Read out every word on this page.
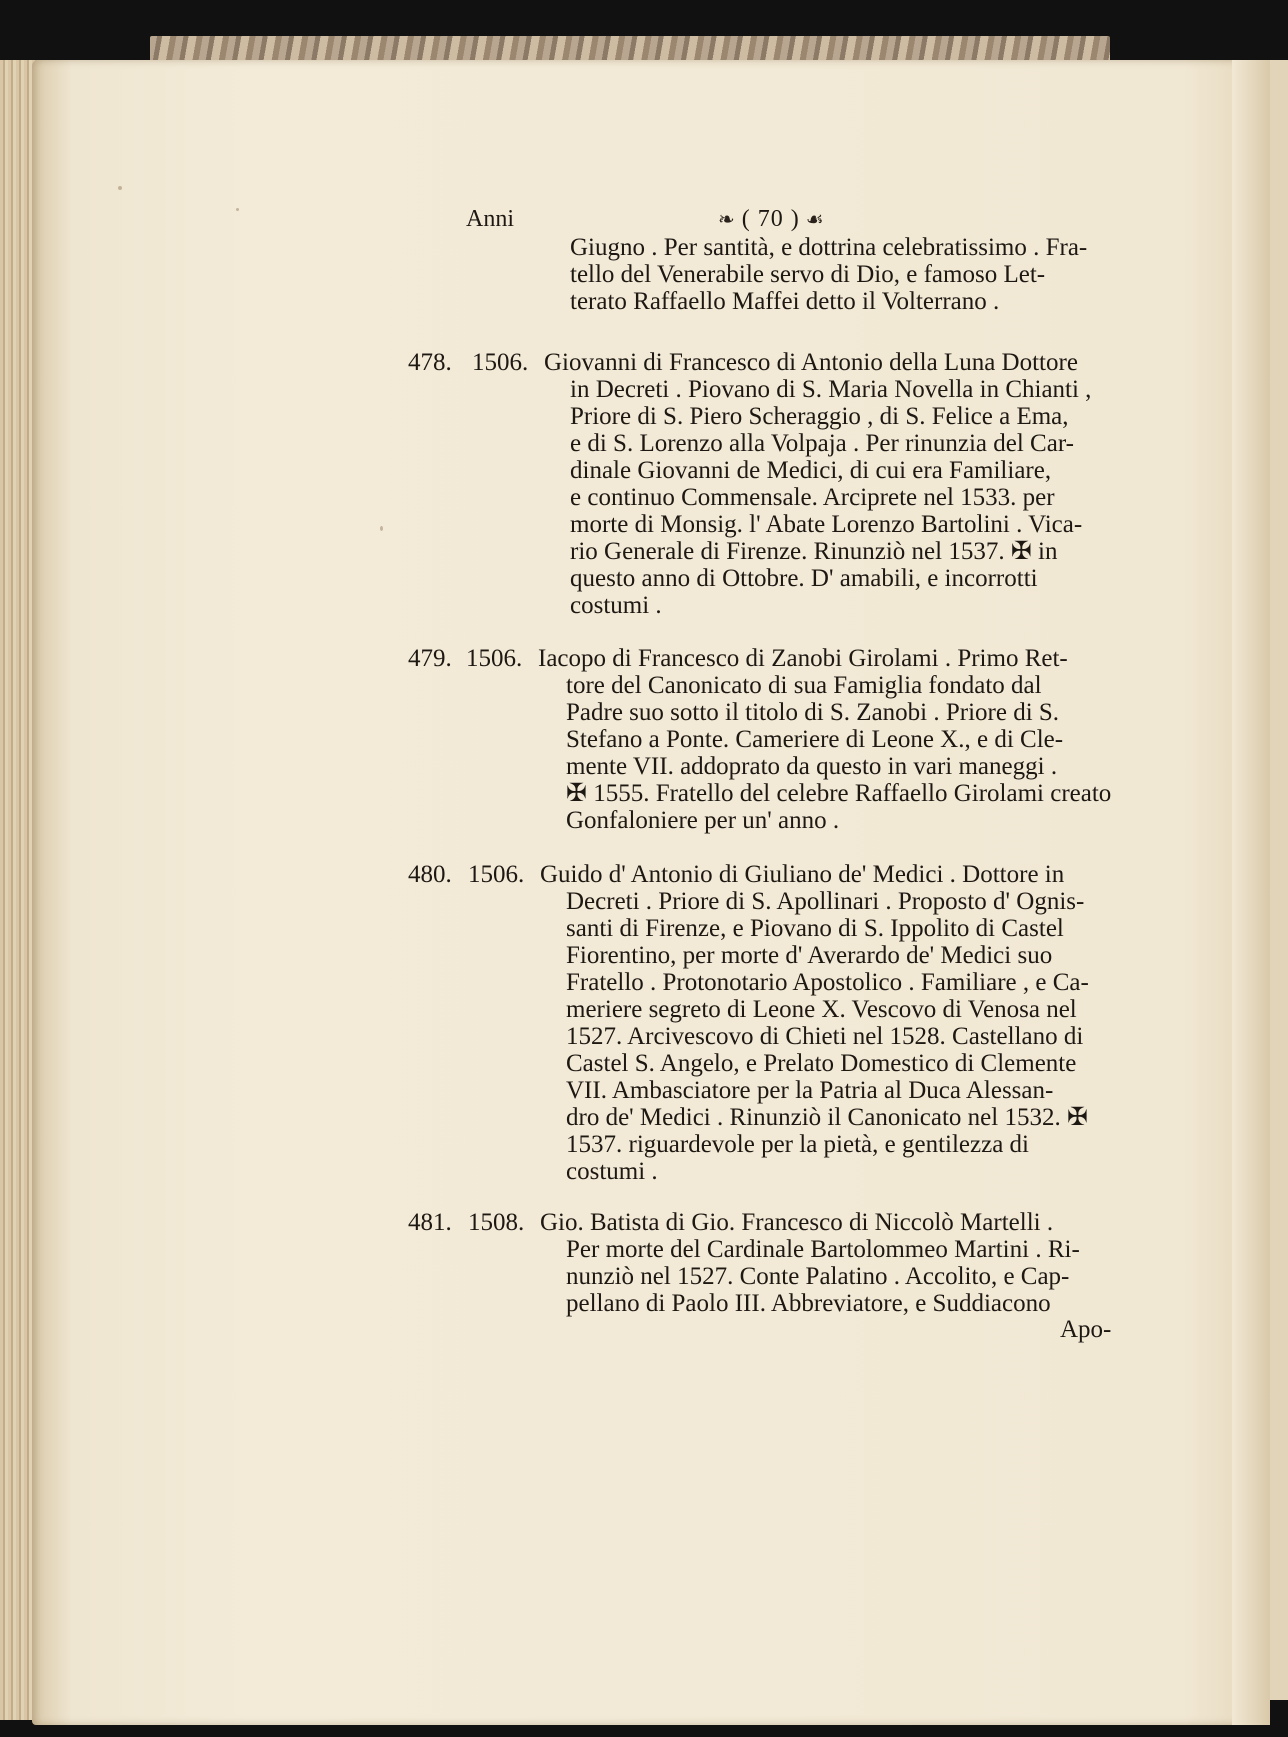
Anni	❧ ( 70 ) ☙
Giugno . Per santità, e dottrina celebratissimo . Fra-
tello del Venerabile servo di Dio, e famoso Let-
terato Raffaello Maffei detto il Volterrano .
478. 1506. Giovanni di Francesco di Antonio della Luna Dottore
in Decreti . Piovano di S. Maria Novella in Chianti ,
Priore di S. Piero Scheraggio , di S. Felice a Ema,
e di S. Lorenzo alla Volpaja . Per rinunzia del Car-
dinale Giovanni de Medici, di cui era Familiare,
e continuo Commensale. Arciprete nel 1533. per
morte di Monsig. l' Abate Lorenzo Bartolini . Vica-
rio Generale di Firenze. Rinunziò nel 1537. ✠ in
questo anno di Ottobre. D' amabili, e incorrotti
costumi .
479. 1506. Iacopo di Francesco di Zanobi Girolami . Primo Ret-
tore del Canonicato di sua Famiglia fondato dal
Padre suo sotto il titolo di S. Zanobi . Priore di S.
Stefano a Ponte. Cameriere di Leone X., e di Cle-
mente VII. addoprato da questo in vari maneggi .
✠ 1555. Fratello del celebre Raffaello Girolami creato
Gonfaloniere per un' anno .
480. 1506. Guido d' Antonio di Giuliano de' Medici . Dottore in
Decreti . Priore di S. Apollinari . Proposto d' Ognis-
santi di Firenze, e Piovano di S. Ippolito di Castel
Fiorentino, per morte d' Averardo de' Medici suo
Fratello . Protonotario Apostolico . Familiare , e Ca-
meriere segreto di Leone X. Vescovo di Venosa nel
1527. Arcivescovo di Chieti nel 1528. Castellano di
Castel S. Angelo, e Prelato Domestico di Clemente
VII. Ambasciatore per la Patria al Duca Alessan-
dro de' Medici . Rinunziò il Canonicato nel 1532. ✠
1537. riguardevole per la pietà, e gentilezza di
costumi .
481. 1508. Gio. Batista di Gio. Francesco di Niccolò Martelli .
Per morte del Cardinale Bartolommeo Martini . Ri-
nunziò nel 1527. Conte Palatino . Accolito, e Cap-
pellano di Paolo III. Abbreviatore, e Suddiacono
Apo-
